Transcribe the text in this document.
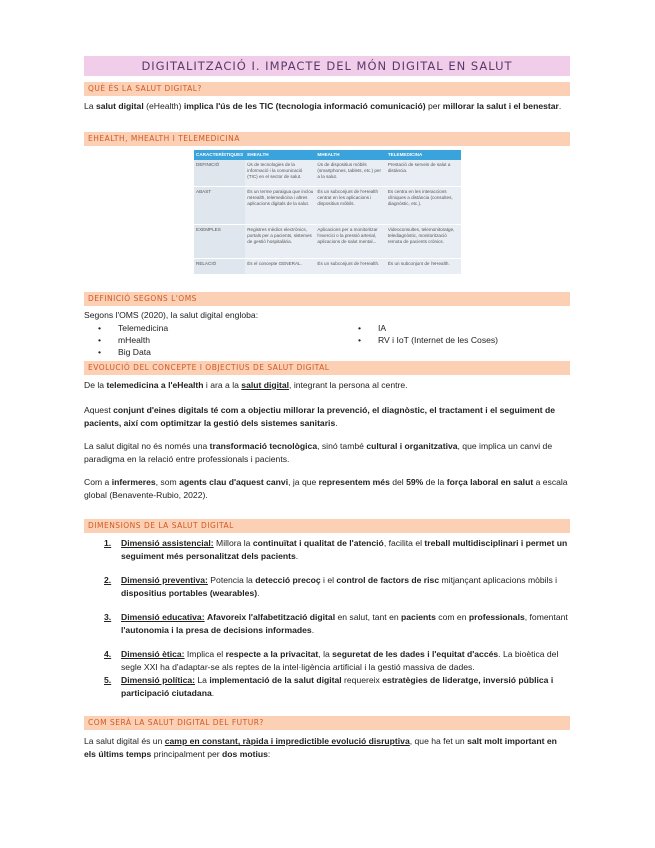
DIGITALITZACIÓ I. IMPACTE DEL MÓN DIGITAL EN SALUT
QUÈ ÉS LA SALUT DIGITAL?
La salut digital (eHealth) implica l'ús de les TIC (tecnologia informació comunicació) per millorar la salut i el benestar.
EHEALTH, MHEALTH I TELEMEDICINA
CARACTERÍSTIQUES	EHEALTH	MHEALTH	TELEMEDICINA
DEFINICIÓ	Ús de tecnologies de la informació i la comunicació (TIC) en el sector de salut.	Ús de dispositius mòbils (smartphones, tablets, etc.) per a la salut.	Prestació de serveis de salut a distància.
ABAST	És un terme paraigua que inclou mHealth, telemedicina i altres aplicacions digitals de la salut.	És un subconjunt de l'eHealth centrat en les aplicacions i dispositius mòbils.	Es centra en les interaccions clíniques a distància (consultes, diagnòstic, etc.).
EXEMPLES	Registres mèdics electrònics, portals per a pacients, sistemes de gestió hospitalària.	Aplicacions per a monitoritzar l'exercici o la pressió arterial, aplicacions de salut mental...	Videoconsultes, telemonitoratge, telediagnòstic, monitorització remota de pacients crònics.
RELACIÓ	És el concepte GENERAL.	És un subconjunt de l'eHealth.	És un subconjunt de l'eHealth.
DEFINICIÓ SEGONS L'OMS
Segons l'OMS (2020), la salut digital engloba:
• Telemedicina
• mHealth
• Big Data
• IA
• RV i IoT (Internet de les Coses)
EVOLUCIÓ DEL CONCEPTE I OBJECTIUS DE SALUT DIGITAL
De la telemedicina a l'eHealth i ara a la salut digital, integrant la persona al centre.
Aquest conjunt d'eines digitals té com a objectiu millorar la prevenció, el diagnòstic, el tractament i el seguiment de pacients, així com optimitzar la gestió dels sistemes sanitaris.
La salut digital no és només una transformació tecnològica, sinó també cultural i organitzativa, que implica un canvi de paradigma en la relació entre professionals i pacients.
Com a infermeres, som agents clau d'aquest canvi, ja que representem més del 59% de la força laboral en salut a escala global (Benavente-Rubio, 2022).
DIMENSIONS DE LA SALUT DIGITAL
1. Dimensió assistencial: Millora la continuïtat i qualitat de l'atenció, facilita el treball multidisciplinari i permet un seguiment més personalitzat dels pacients.
2. Dimensió preventiva: Potencia la detecció precoç i el control de factors de risc mitjançant aplicacions mòbils i dispositius portables (wearables).
3. Dimensió educativa: Afavoreix l'alfabetització digital en salut, tant en pacients com en professionals, fomentant l'autonomia i la presa de decisions informades.
4. Dimensió ètica: Implica el respecte a la privacitat, la seguretat de les dades i l'equitat d'accés. La bioètica del segle XXI ha d'adaptar-se als reptes de la intel·ligència artificial i la gestió massiva de dades.
5. Dimensió política: La implementació de la salut digital requereix estratègies de lideratge, inversió pública i participació ciutadana.
COM SERÀ LA SALUT DIGITAL DEL FUTUR?
La salut digital és un camp en constant, ràpida i impredictible evolució disruptiva, que ha fet un salt molt important en els últims temps principalment per dos motius:
